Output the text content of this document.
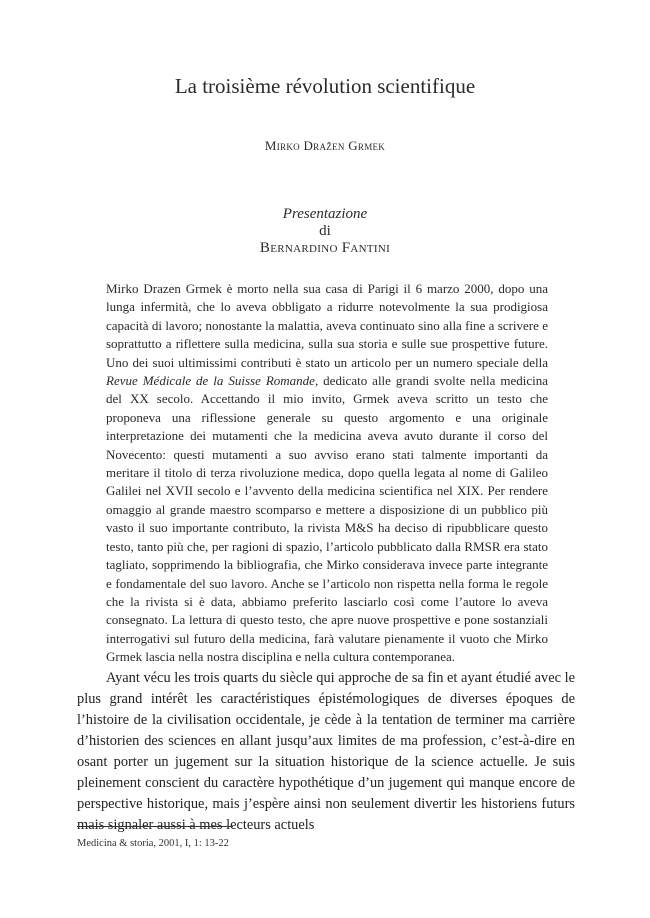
La troisième révolution scientifique
Mirko Dražen Grmek
Presentazione
di
Bernardino Fantini

Mirko Drazen Grmek è morto nella sua casa di Parigi il 6 marzo 2000, dopo una lunga infermità, che lo aveva obbligato a ridurre notevolmente la sua prodigiosa capacità di lavoro; nonostante la malattia, aveva continuato sino alla fine a scrivere e soprattutto a riflettere sulla medicina, sulla sua storia e sulle sue prospettive future. Uno dei suoi ultimissimi contributi è stato un articolo per un numero speciale della Revue Médicale de la Suisse Romande, dedicato alle grandi svolte nella medicina del XX secolo. Accettando il mio invito, Grmek aveva scritto un testo che proponeva una riflessione generale su questo argomento e una originale interpretazione dei mutamenti che la medicina aveva avuto durante il corso del Novecento: questi mutamenti a suo avviso erano stati talmente importanti da meritare il titolo di terza rivoluzione medica, dopo quella legata al nome di Galileo Galilei nel XVII secolo e l’avvento della medicina scientifica nel XIX. Per rendere omaggio al grande maestro scomparso e mettere a disposizione di un pubblico più vasto il suo importante contributo, la rivista M&S ha deciso di ripubblicare questo testo, tanto più che, per ragioni di spazio, l’articolo pubblicato dalla RMSR era stato tagliato, sopprimendo la bibliografia, che Mirko considerava invece parte integrante e fondamentale del suo lavoro. Anche se l’articolo non rispetta nella forma le regole che la rivista si è data, abbiamo preferito lasciarlo così come l’autore lo aveva consegnato. La lettura di questo testo, che apre nuove prospettive e pone sostanziali interrogativi sul futuro della medicina, farà valutare pienamente il vuoto che Mirko Grmek lascia nella nostra disciplina e nella cultura contemporanea.

Ayant vécu les trois quarts du siècle qui approche de sa fin et ayant étudié avec le plus grand intérêt les caractéristiques épistémologiques de diverses époques de l’histoire de la civilisation occidentale, je cède à la tentation de terminer ma carrière d’historien des sciences en allant jusqu’aux limites de ma profession, c’est-à-dire en osant porter un jugement sur la situation historique de la science actuelle. Je suis pleinement conscient du caractère hypothétique d’un jugement qui manque encore de perspective historique, mais j’espère ainsi non seulement divertir les historiens futurs mais signaler aussi à mes lecteurs actuels

Medicina & storia, 2001, I, 1: 13-22
